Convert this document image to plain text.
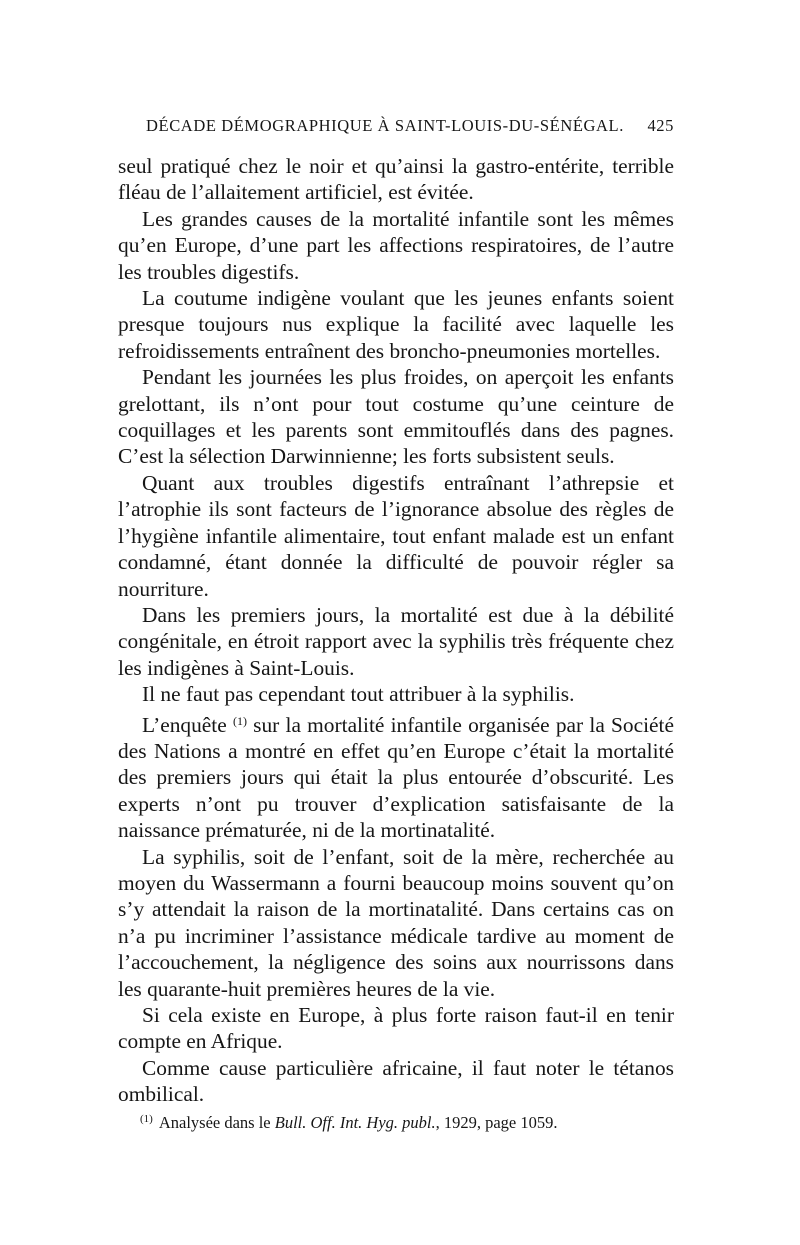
DÉCADE DÉMOGRAPHIQUE À SAINT-LOUIS-DU-SÉNÉGAL. 425

seul pratiqué chez le noir et qu’ainsi la gastro-entérite, terrible fléau de l’allaitement artificiel, est évitée.

Les grandes causes de la mortalité infantile sont les mêmes qu’en Europe, d’une part les affections respiratoires, de l’autre les troubles digestifs.

La coutume indigène voulant que les jeunes enfants soient presque toujours nus explique la facilité avec laquelle les refroidissements entraînent des broncho-pneumonies mortelles.

Pendant les journées les plus froides, on aperçoit les enfants grelottant, ils n’ont pour tout costume qu’une ceinture de coquillages et les parents sont emmitouflés dans des pagnes. C’est la sélection Darwinnienne; les forts subsistent seuls.

Quant aux troubles digestifs entraînant l’athrepsie et l’atrophie ils sont facteurs de l’ignorance absolue des règles de l’hygiène infantile alimentaire, tout enfant malade est un enfant condamné, étant donnée la difficulté de pouvoir régler sa nourriture.

Dans les premiers jours, la mortalité est due à la débilité congénitale, en étroit rapport avec la syphilis très fréquente chez les indigènes à Saint-Louis.

Il ne faut pas cependant tout attribuer à la syphilis.

L’enquête $^{(1)}$ sur la mortalité infantile organisée par la Société des Nations a montré en effet qu’en Europe c’était la mortalité des premiers jours qui était la plus entourée d’obscurité. Les experts n’ont pu trouver d’explication satisfaisante de la naissance prématurée, ni de la mortinatalité.

La syphilis, soit de l’enfant, soit de la mère, recherchée au moyen du Wassermann a fourni beaucoup moins souvent qu’on s’y attendait la raison de la mortinatalité. Dans certains cas on n’a pu incriminer l’assistance médicale tardive au moment de l’accouchement, la négligence des soins aux nourrissons dans les quarante-huit premières heures de la vie.

Si cela existe en Europe, à plus forte raison faut-il en tenir compte en Afrique.

Comme cause particulière africaine, il faut noter le tétanos ombilical.

$^{(1)}$ Analysée dans le Bull. Off. Int. Hyg. publ., 1929, page 1059.
